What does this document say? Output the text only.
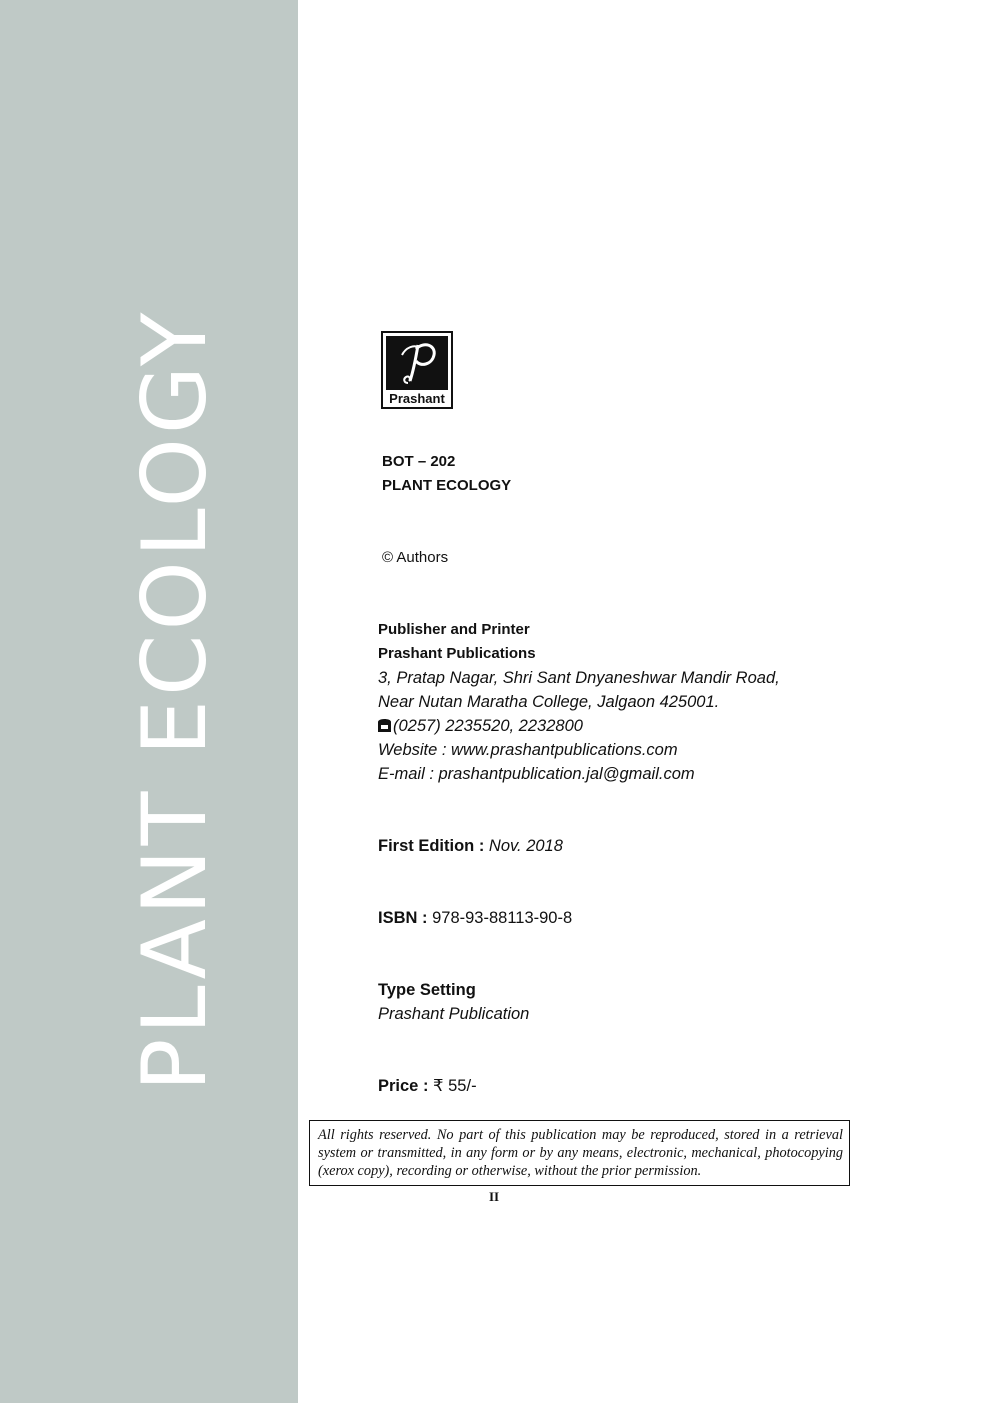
PLANT ECOLOGY	Prashant
BOT – 202
PLANT ECOLOGY
© Authors
Publisher and Printer
Prashant Publications
3, Pratap Nagar, Shri Sant Dnyaneshwar Mandir Road,
Near Nutan Maratha College, Jalgaon 425001.
(0257) 2235520, 2232800
Website : www.prashantpublications.com
E-mail : prashantpublication.jal@gmail.com
First Edition : Nov. 2018
ISBN : 978-93-88113-90-8
Type Setting
Prashant Publication
Price : ₹ 55/-
All rights reserved. No part of this publication may be reproduced, stored in a retrieval system or transmitted, in any form or by any means, electronic, mechanical, photocopying (xerox copy), recording or otherwise, without the prior permission.
II
